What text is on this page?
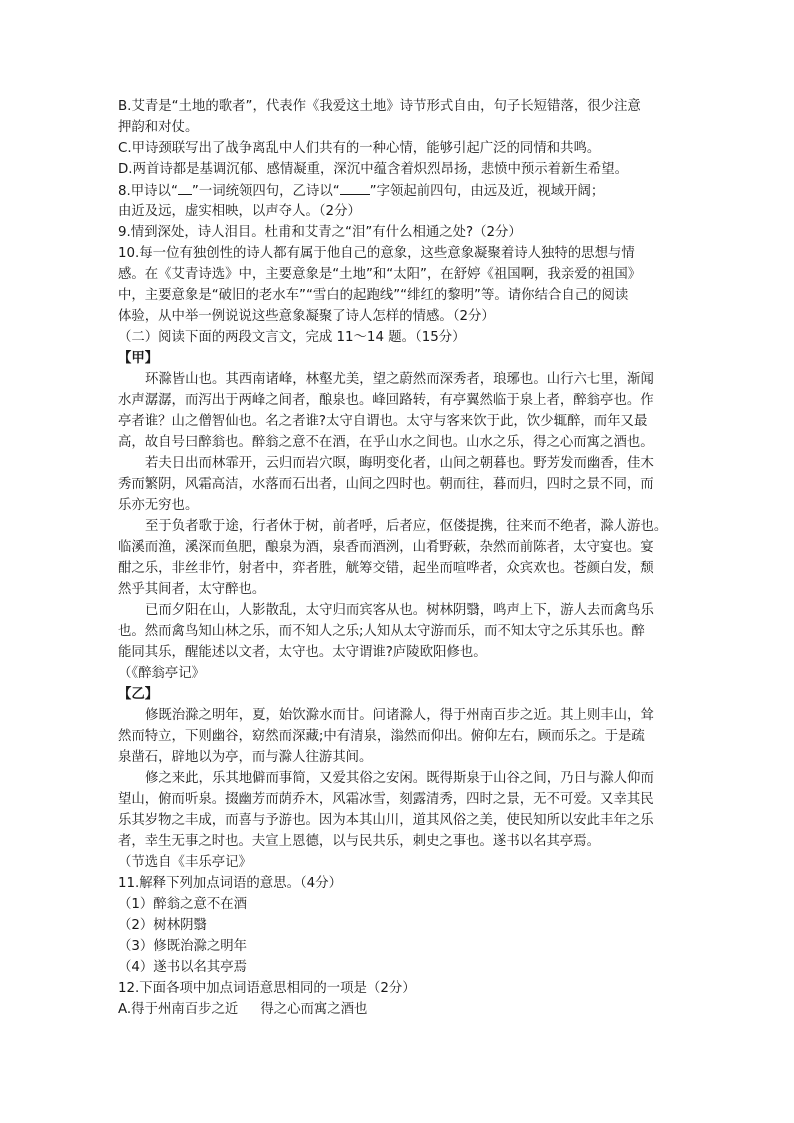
B.艾青是“土地的歌者”，代表作《我爱这土地》诗节形式自由，句子长短错落，很少注意
押韵和对仗。
C.甲诗颈联写出了战争离乱中人们共有的一种心情，能够引起广泛的同情和共鸣。
D.两首诗都是基调沉郁、感情凝重，深沉中蕴含着炽烈昂扬，悲愤中预示着新生希望。
8.甲诗以“ ”一词统领四句，乙诗以“ ”字领起前四句，由远及近，视域开阔；
由近及远，虚实相映，以声夺人。（2分）
9.情到深处，诗人泪目。杜甫和艾青之“泪”有什么相通之处?（2分）
10.每一位有独创性的诗人都有属于他自己的意象，这些意象凝聚着诗人独特的思想与情
感。在《艾青诗选》中，主要意象是“土地”和“太阳”，在舒婷《祖国啊，我亲爱的祖国》
中，主要意象是“破旧的老水车”“雪白的起跑线”“绯红的黎明”等。请你结合自己的阅读
体验，从中举一例说说这些意象凝聚了诗人怎样的情感。（2分）
（二）阅读下面的两段文言文，完成 11～14 题。（15分）
【甲】
环滁皆山也。其西南诸峰，林壑尤美，望之蔚然而深秀者，琅琊也。山行六七里，渐闻
水声潺潺，而泻出于两峰之间者，酿泉也。峰回路转，有亭翼然临于泉上者，醉翁亭也。作
亭者谁？山之僧智仙也。名之者谁?太守自谓也。太守与客来饮于此，饮少辄醉，而年又最
高，故自号曰醉翁也。醉翁之意不在酒，在乎山水之间也。山水之乐，得之心而寓之酒也。
若夫日出而林霏开，云归而岩穴暝，晦明变化者，山间之朝暮也。野芳发而幽香，佳木
秀而繁阴，风霜高洁，水落而石出者，山间之四时也。朝而往，暮而归，四时之景不同，而
乐亦无穷也。
至于负者歌于途，行者休于树，前者呼，后者应，伛偻提携，往来而不绝者，滁人游也。
临溪而渔，溪深而鱼肥，酿泉为酒，泉香而酒洌，山肴野蔌，杂然而前陈者，太守宴也。宴
酣之乐，非丝非竹，射者中，弈者胜，觥筹交错，起坐而喧哗者，众宾欢也。苍颜白发，颓
然乎其间者，太守醉也。
已而夕阳在山，人影散乱，太守归而宾客从也。树林阴翳，鸣声上下，游人去而禽鸟乐
也。然而禽鸟知山林之乐，而不知人之乐;人知从太守游而乐，而不知太守之乐其乐也。醉
能同其乐，醒能述以文者，太守也。太守谓谁?庐陵欧阳修也。
（《醉翁亭记》
【乙】
修既治滁之明年，夏，始饮滁水而甘。问诸滁人，得于州南百步之近。其上则丰山，耸
然而特立，下则幽谷，窈然而深藏;中有清泉，滃然而仰出。俯仰左右，顾而乐之。于是疏
泉凿石，辟地以为亭，而与滁人往游其间。
修之来此，乐其地僻而事简，又爱其俗之安闲。既得斯泉于山谷之间，乃日与滁人仰而
望山，俯而听泉。掇幽芳而荫乔木，风霜冰雪，刻露清秀，四时之景，无不可爱。又幸其民
乐其岁物之丰成，而喜与予游也。因为本其山川，道其风俗之美，使民知所以安此丰年之乐
者，幸生无事之时也。夫宣上恩德，以与民共乐，刺史之事也。遂书以名其亭焉。
（节选自《丰乐亭记》
11.解释下列加点词语的意思。（4分）
（1）醉翁之意不在酒
（2）树林阴翳
（3）修既治滁之明年
（4）遂书以名其亭焉
12.下面各项中加点词语意思相同的一项是（2分）
A.得于州南百步之近 得之心而寓之酒也
